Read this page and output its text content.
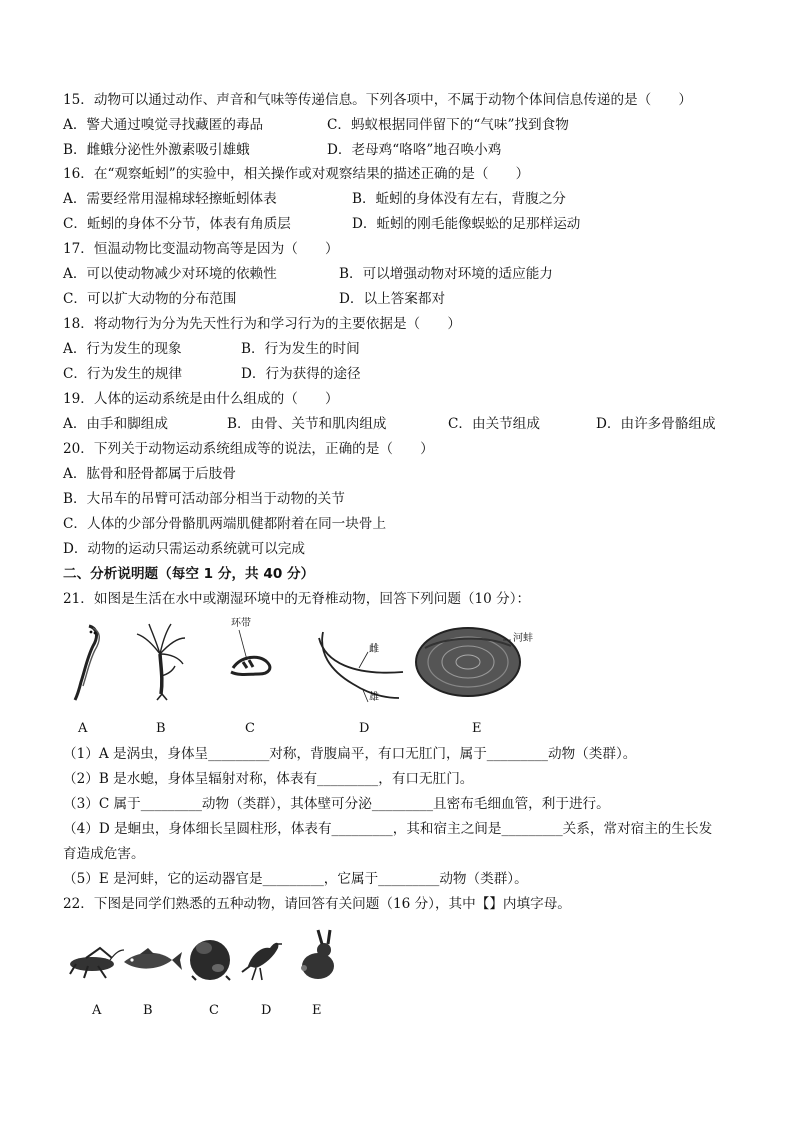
15．动物可以通过动作、声音和气味等传递信息。下列各项中，不属于动物个体间信息传递的是（　　）
A．警犬通过嗅觉寻找藏匿的毒品	C．蚂蚁根据同伴留下的“气味”找到食物
B．雌蛾分泌性外激素吸引雄蛾	D．老母鸡“咯咯”地召唤小鸡
16．在“观察蚯蚓”的实验中，相关操作或对观察结果的描述正确的是（　　）
A．需要经常用湿棉球轻擦蚯蚓体表	B．蚯蚓的身体没有左右，背腹之分
C．蚯蚓的身体不分节，体表有角质层	D．蚯蚓的刚毛能像蜈蚣的足那样运动
17．恒温动物比变温动物高等是因为（　　）
A．可以使动物减少对环境的依赖性	B．可以增强动物对环境的适应能力
C．可以扩大动物的分布范围	D．以上答案都对
18．将动物行为分为先天性行为和学习行为的主要依据是（　　）
A．行为发生的现象	B．行为发生的时间
C．行为发生的规律	D．行为获得的途径
19．人体的运动系统是由什么组成的（　　）
A．由手和脚组成	B．由骨、关节和肌肉组成	C．由关节组成	D．由许多骨骼组成
20．下列关于动物运动系统组成等的说法，正确的是（　　）
A．肱骨和胫骨都属于后肢骨
B．大吊车的吊臂可活动部分相当于动物的关节
C．人体的少部分骨骼肌两端肌健都附着在同一块骨上
D．动物的运动只需运动系统就可以完成
二、分析说明题（每空 1 分，共 40 分）
21．如图是生活在水中或潮湿环境中的无脊椎动物，回答下列问题（10 分）：
环带
雌
雄
河蚌
A	B	C	D	E
（1）A 是涡虫，身体呈_________对称，背腹扁平，有口无肛门，属于_________动物（类群）。
（2）B 是水螅，身体呈辐射对称，体表有_________，有口无肛门。
（3）C 属于_________动物（类群），其体壁可分泌_________且密布毛细血管，利于进行。
（4）D 是蛔虫，身体细长呈圆柱形，体表有_________，其和宿主之间是_________关系，常对宿主的生长发
育造成危害。
（5）E 是河蚌，它的运动器官是_________，它属于_________动物（类群）。
22．下图是同学们熟悉的五种动物，请回答有关问题（16 分），其中【】内填字母。
A	B	C	D	E
